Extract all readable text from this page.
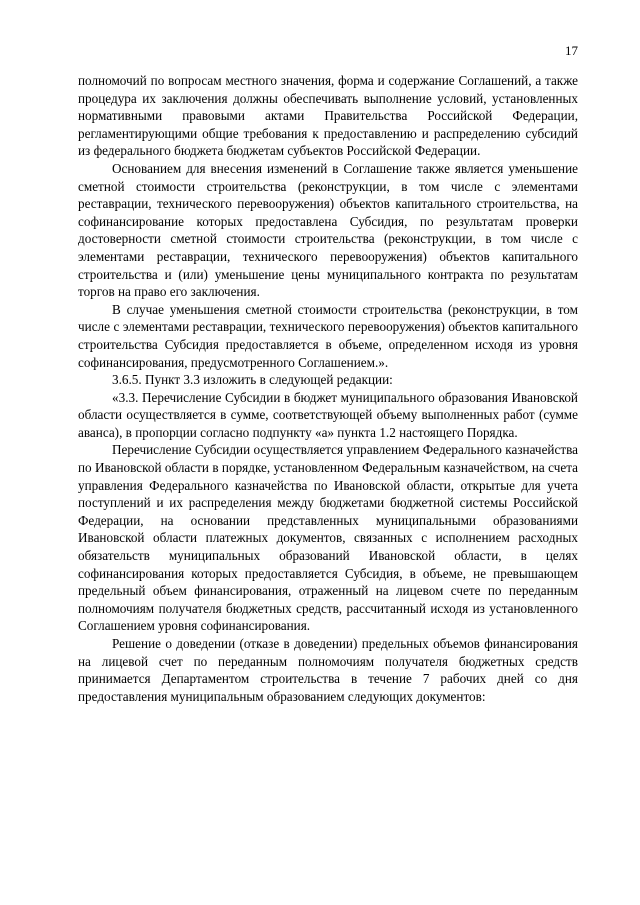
17

полномочий по вопросам местного значения, форма и содержание Соглашений, а также процедура их заключения должны обеспечивать выполнение условий, установленных нормативными правовыми актами Правительства Российской Федерации, регламентирующими общие требования к предоставлению и распределению субсидий из федерального бюджета бюджетам субъектов Российской Федерации.

Основанием для внесения изменений в Соглашение также является уменьшение сметной стоимости строительства (реконструкции, в том числе с элементами реставрации, технического перевооружения) объектов капитального строительства, на софинансирование которых предоставлена Субсидия, по результатам проверки достоверности сметной стоимости строительства (реконструкции, в том числе с элементами реставрации, технического перевооружения) объектов капитального строительства и (или) уменьшение цены муниципального контракта по результатам торгов на право его заключения.

В случае уменьшения сметной стоимости строительства (реконструкции, в том числе с элементами реставрации, технического перевооружения) объектов капитального строительства Субсидия предоставляется в объеме, определенном исходя из уровня софинансирования, предусмотренного Соглашением.».

3.6.5. Пункт 3.3 изложить в следующей редакции:

«3.3. Перечисление Субсидии в бюджет муниципального образования Ивановской области осуществляется в сумме, соответствующей объему выполненных работ (сумме аванса), в пропорции согласно подпункту «а» пункта 1.2 настоящего Порядка.

Перечисление Субсидии осуществляется управлением Федерального казначейства по Ивановской области в порядке, установленном Федеральным казначейством, на счета управления Федерального казначейства по Ивановской области, открытые для учета поступлений и их распределения между бюджетами бюджетной системы Российской Федерации, на основании представленных муниципальными образованиями Ивановской области платежных документов, связанных с исполнением расходных обязательств муниципальных образований Ивановской области, в целях софинансирования которых предоставляется Субсидия, в объеме, не превышающем предельный объем финансирования, отраженный на лицевом счете по переданным полномочиям получателя бюджетных средств, рассчитанный исходя из установленного Соглашением уровня софинансирования.

Решение о доведении (отказе в доведении) предельных объемов финансирования на лицевой счет по переданным полномочиям получателя бюджетных средств принимается Департаментом строительства в течение 7 рабочих дней со дня предоставления муниципальным образованием следующих документов:
